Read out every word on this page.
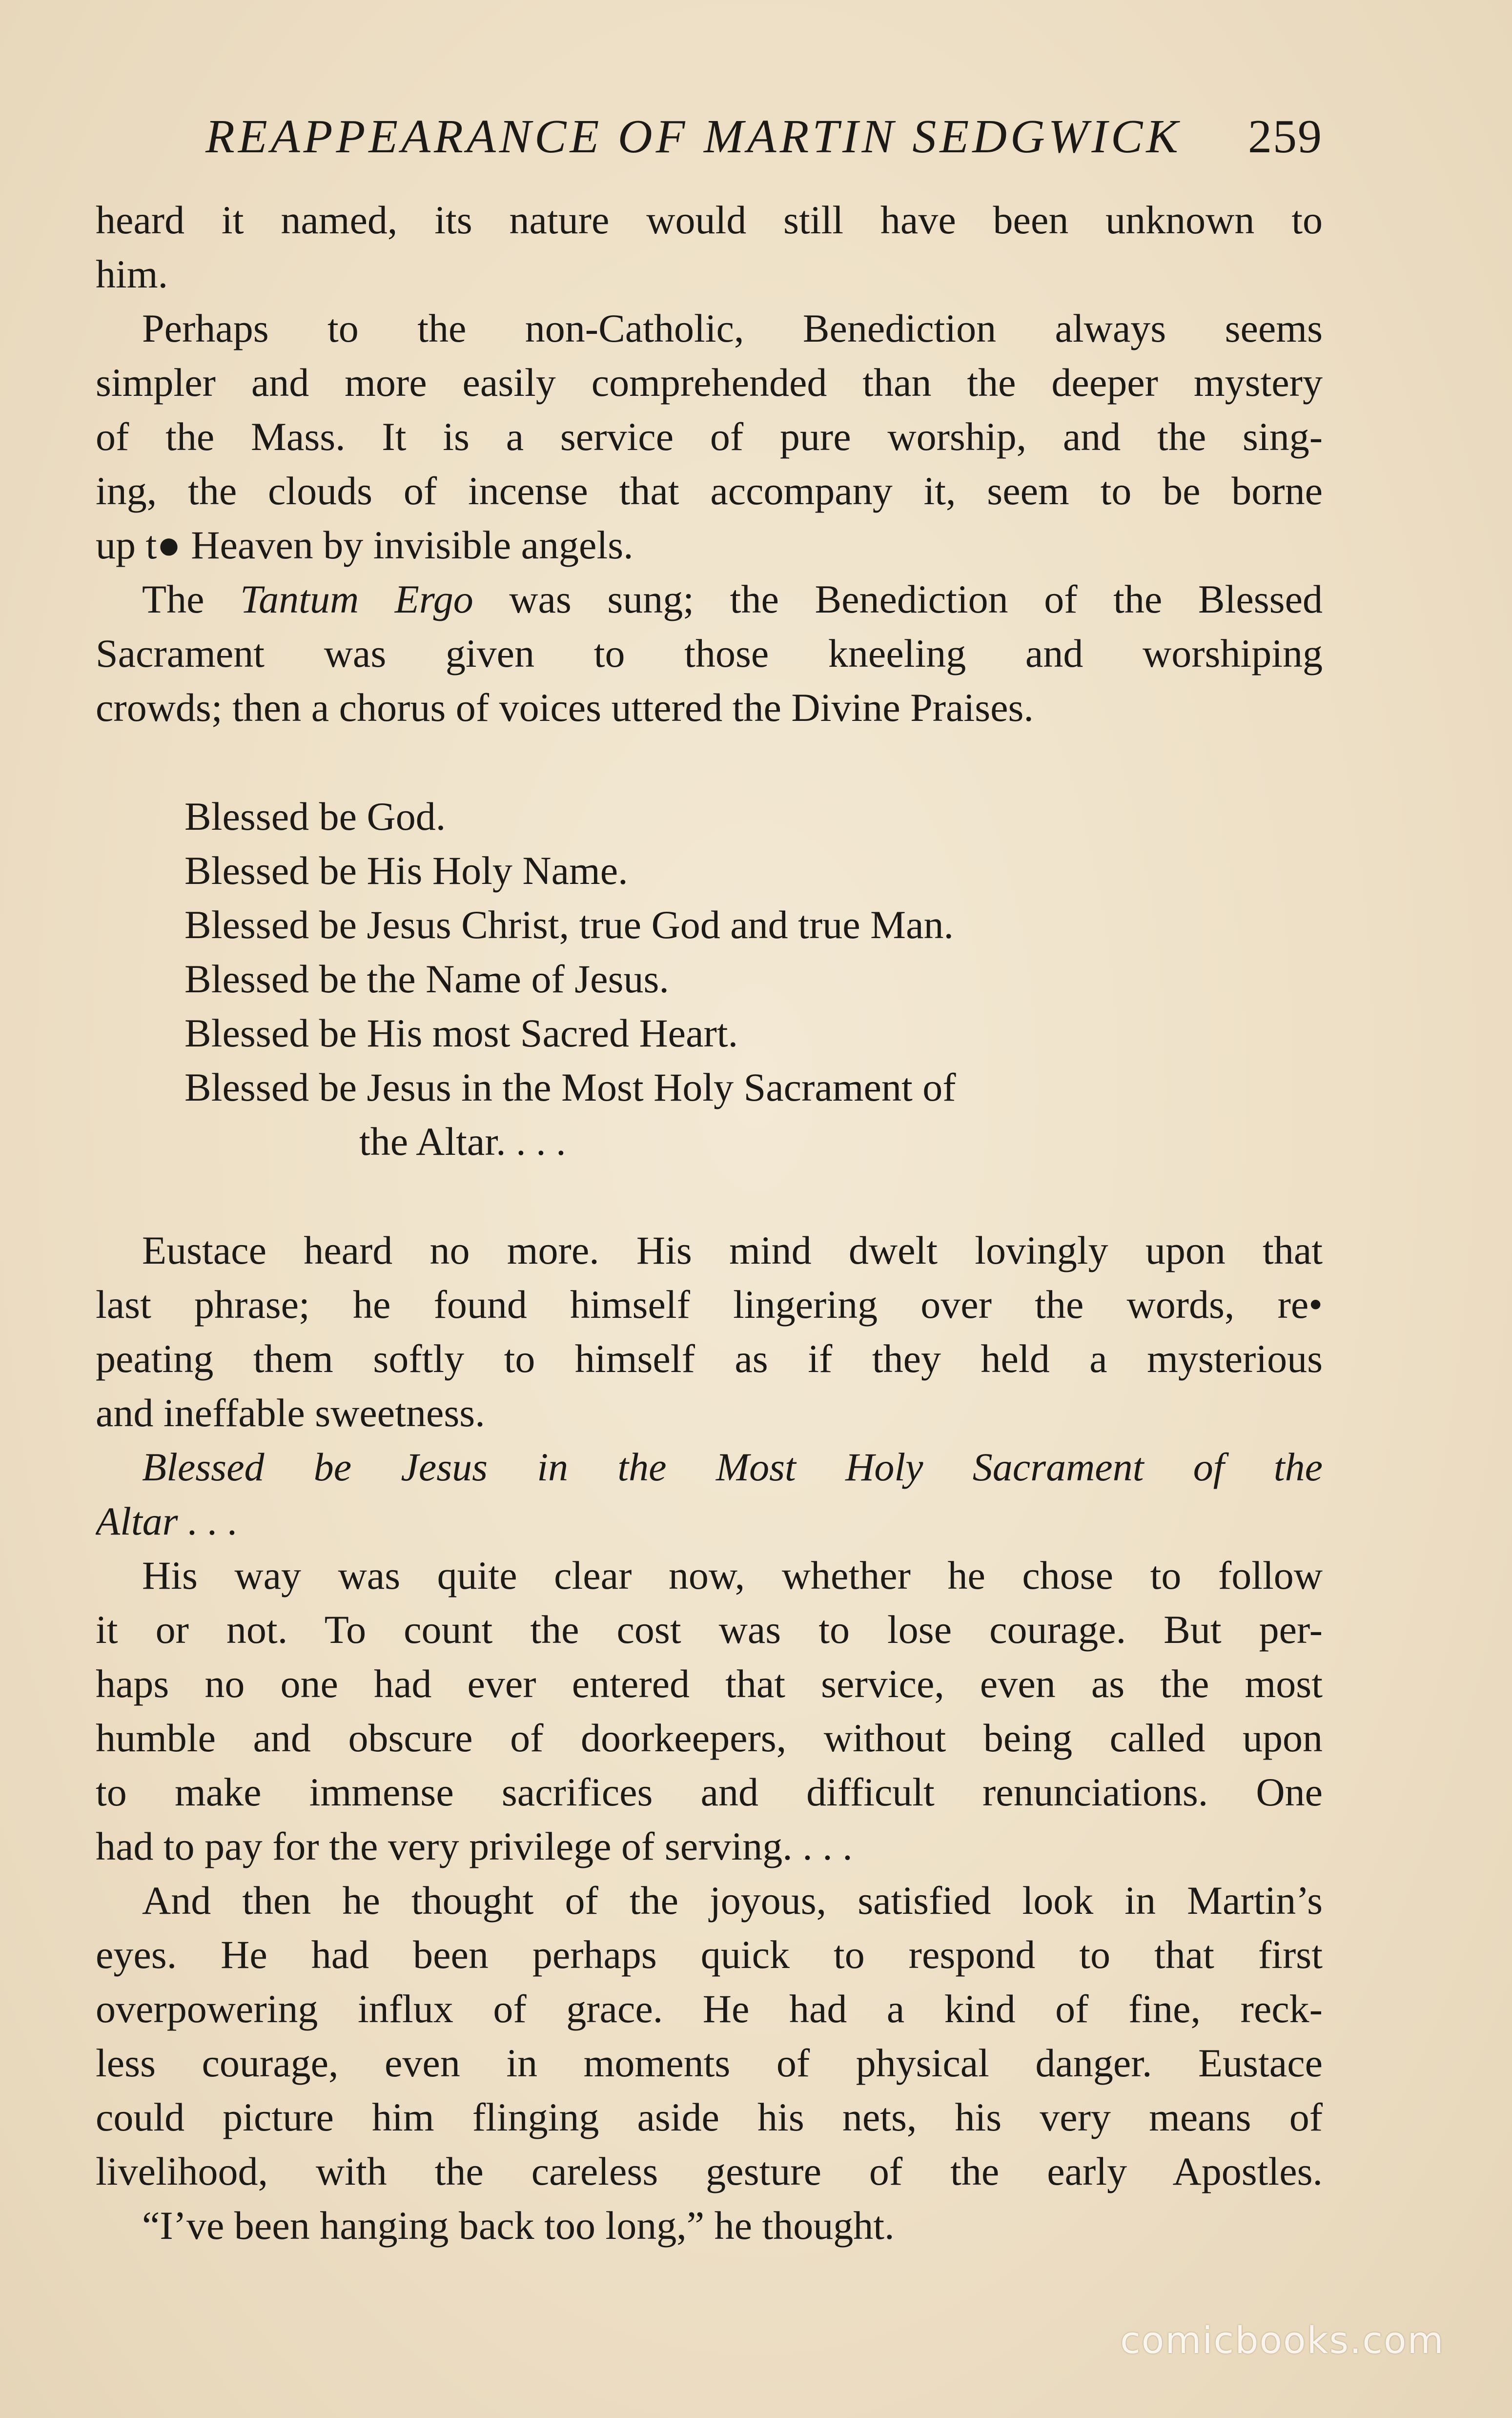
REAPPEARANCE OF MARTIN SEDGWICK 259
heard it named, its nature would still have been unknown to
him.
Perhaps to the non-Catholic, Benediction always seems
simpler and more easily comprehended than the deeper mystery
of the Mass. It is a service of pure worship, and the sing-
ing, the clouds of incense that accompany it, seem to be borne
up t● Heaven by invisible angels.
The Tantum Ergo was sung; the Benediction of the Blessed
Sacrament was given to those kneeling and worshiping
crowds; then a chorus of voices uttered the Divine Praises.
Blessed be God.
Blessed be His Holy Name.
Blessed be Jesus Christ, true God and true Man.
Blessed be the Name of Jesus.
Blessed be His most Sacred Heart.
Blessed be Jesus in the Most Holy Sacrament of
the Altar. . . .
Eustace heard no more. His mind dwelt lovingly upon that
last phrase; he found himself lingering over the words, re•
peating them softly to himself as if they held a mysterious
and ineffable sweetness.
Blessed be Jesus in the Most Holy Sacrament of the
Altar . . .
His way was quite clear now, whether he chose to follow
it or not. To count the cost was to lose courage. But per-
haps no one had ever entered that service, even as the most
humble and obscure of doorkeepers, without being called upon
to make immense sacrifices and difficult renunciations. One
had to pay for the very privilege of serving. . . .
And then he thought of the joyous, satisfied look in Martin’s
eyes. He had been perhaps quick to respond to that first
overpowering influx of grace. He had a kind of fine, reck-
less courage, even in moments of physical danger. Eustace
could picture him flinging aside his nets, his very means of
livelihood, with the careless gesture of the early Apostles.
“I’ve been hanging back too long,” he thought.
comicbooks.com
